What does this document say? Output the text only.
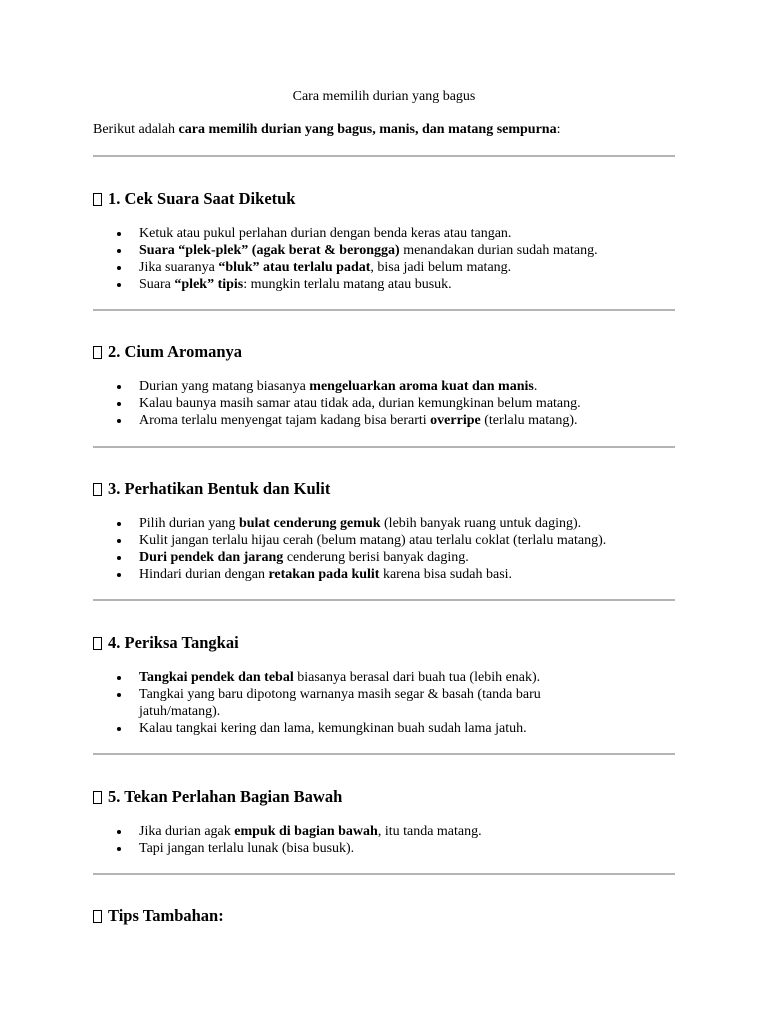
Cara memilih durian yang bagus
Berikut adalah cara memilih durian yang bagus, manis, dan matang sempurna:
1. Cek Suara Saat Diketuk
Ketuk atau pukul perlahan durian dengan benda keras atau tangan.
Suara “plek-plek” (agak berat & berongga) menandakan durian sudah matang.
Jika suaranya “bluk” atau terlalu padat, bisa jadi belum matang.
Suara “plek” tipis: mungkin terlalu matang atau busuk.
2. Cium Aromanya
Durian yang matang biasanya mengeluarkan aroma kuat dan manis.
Kalau baunya masih samar atau tidak ada, durian kemungkinan belum matang.
Aroma terlalu menyengat tajam kadang bisa berarti overripe (terlalu matang).
3. Perhatikan Bentuk dan Kulit
Pilih durian yang bulat cenderung gemuk (lebih banyak ruang untuk daging).
Kulit jangan terlalu hijau cerah (belum matang) atau terlalu coklat (terlalu matang).
Duri pendek dan jarang cenderung berisi banyak daging.
Hindari durian dengan retakan pada kulit karena bisa sudah basi.
4. Periksa Tangkai
Tangkai pendek dan tebal biasanya berasal dari buah tua (lebih enak).
Tangkai yang baru dipotong warnanya masih segar & basah (tanda baru
jatuh/matang).
Kalau tangkai kering dan lama, kemungkinan buah sudah lama jatuh.
5. Tekan Perlahan Bagian Bawah
Jika durian agak empuk di bagian bawah, itu tanda matang.
Tapi jangan terlalu lunak (bisa busuk).
Tips Tambahan:
